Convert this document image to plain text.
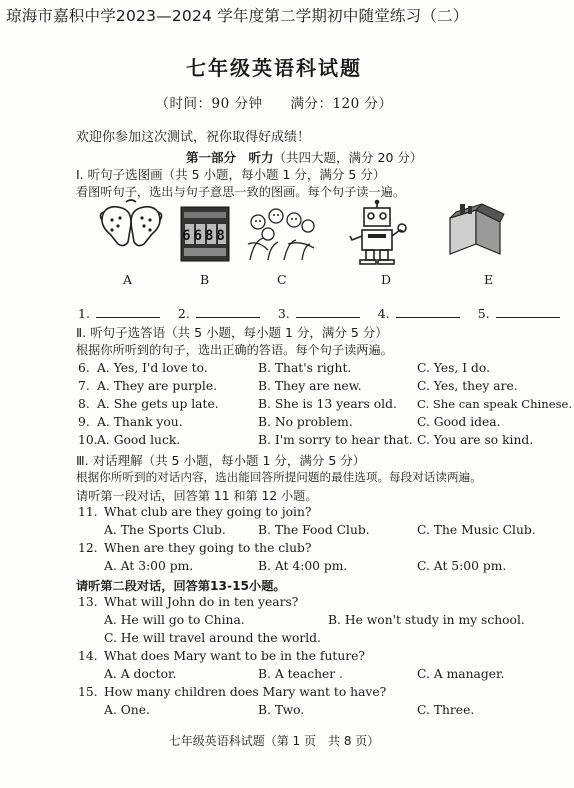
琼海市嘉积中学2023—2024 学年度第二学期初中随堂练习（二）
七年级英语科试题
（时间：90 分钟　　满分：120 分）
欢迎你参加这次测试，祝你取得好成绩！
第一部分　听力（共四大题，满分 20 分）
Ⅰ. 听句子选图画（共 5 小题，每小题 1 分，满分 5 分）
看图听句子，选出与句子意思一致的图画。每个句子读一遍。
6688
A	B	C	D	E
1.	2.	3.	4.	5.
Ⅱ. 听句子选答语（共 5 小题，每小题 1 分，满分 5 分）
根据你所听到的句子，选出正确的答语。每个句子读两遍。
6. A. Yes, I'd love to.	B. That's right.	C. Yes, I do.
7. A. They are purple.	B. They are new.	C. Yes, they are.
8. A. She gets up late.	B. She is 13 years old. C. She can speak Chinese.
9. A. Thank you.	B. No problem.	C. Good idea.
10. A. Good luck.	B. I'm sorry to hear that. C. You are so kind.
Ⅲ. 对话理解（共 5 小题，每小题 1 分，满分 5 分）
根据你所听到的对话内容，选出能回答所提问题的最佳选项。每段对话读两遍。
请听第一段对话，回答第 11 和第 12 小题。
11. What club are they going to join?
A. The Sports Club.	B. The Food Club.	C. The Music Club.
12. When are they going to the club?
A. At 3:00 pm.	B. At 4:00 pm.	C. At 5:00 pm.
请听第二段对话，回答第13-15小题。
13. What will John do in ten years?
A. He will go to China.	B. He won't study in my school.
C. He will travel around the world.
14. What does Mary want to be in the future?
A. A doctor.	B. A teacher .	C. A manager.
15. How many children does Mary want to have?
A. One.	B. Two.	C. Three.
七年级英语科试题（第 1 页　共 8 页）
